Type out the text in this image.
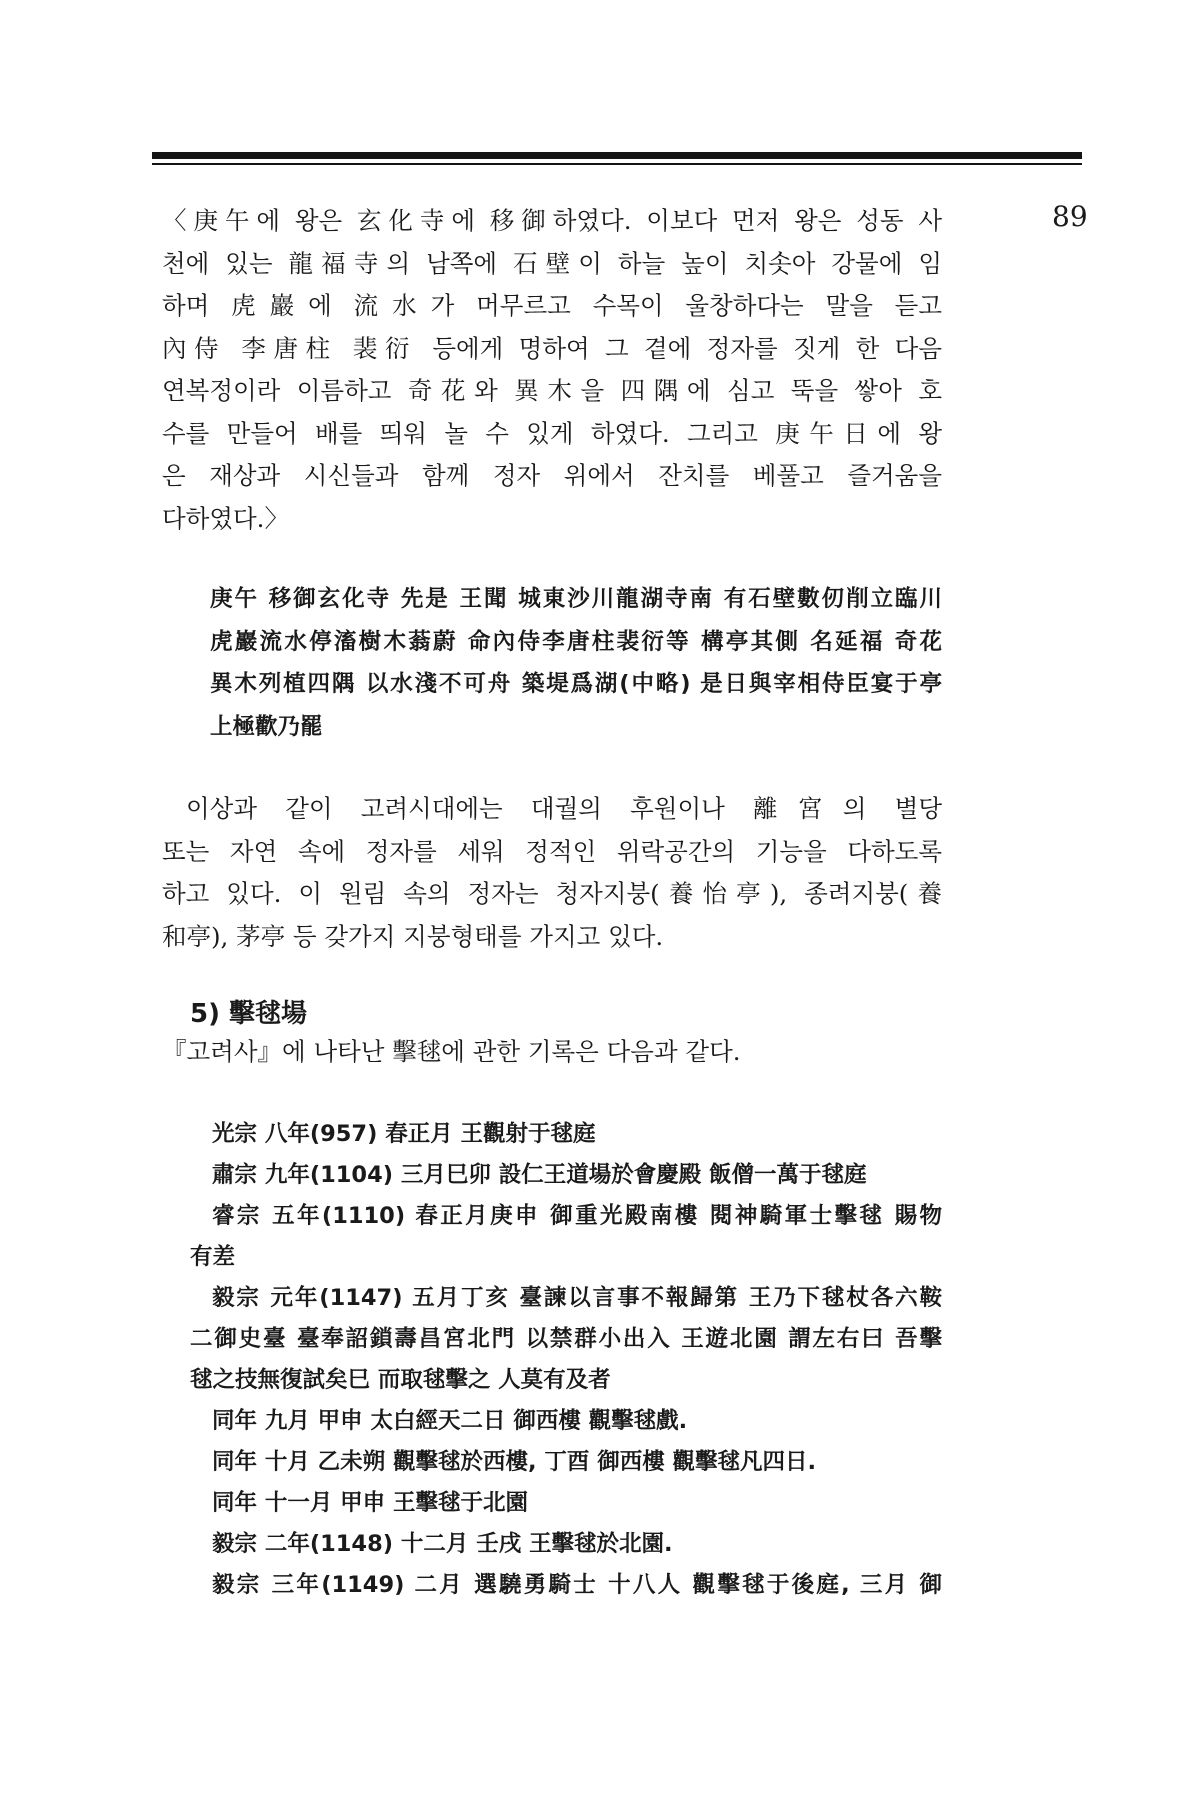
89

〈庚午에 왕은 玄化寺에 移御하였다. 이보다 먼저 왕은 성동 사
천에 있는 龍福寺의 남쪽에 石壁이 하늘 높이 치솟아 강물에 임
하며 虎巖에 流水가 머무르고 수목이 울창하다는 말을 듣고
內侍 李唐柱 裴衍 등에게 명하여 그 곁에 정자를 짓게 한 다음
연복정이라 이름하고 奇花와 異木을 四隅에 심고 뚝을 쌓아 호
수를 만들어 배를 띄워 놀 수 있게 하였다. 그리고 庚午日에 왕
은 재상과 시신들과 함께 정자 위에서 잔치를 베풀고 즐거움을
다하였다.〉

庚午 移御玄化寺 先是 王聞 城東沙川龍湖寺南 有石壁數仞削立臨川
虎巖流水停滀樹木蓊蔚 命內侍李唐柱裴衍等 構亭其側 名延福 奇花
異木列植四隅 以水淺不可舟 築堤爲湖(中略) 是日與宰相侍臣宴于亭
上極歡乃罷

이상과 같이 고려시대에는 대궐의 후원이나 離宮의 별당
또는 자연 속에 정자를 세워 정적인 위락공간의 기능을 다하도록
하고 있다. 이 원림 속의 정자는 청자지붕(養怡亭), 종려지붕(養
和亭), 茅亭 등 갖가지 지붕형태를 가지고 있다.

5) 擊毬場

『고려사』에 나타난 擊毬에 관한 기록은 다음과 같다.

光宗 八年(957) 春正月 王觀射于毬庭
肅宗 九年(1104) 三月巳卯 設仁王道場於會慶殿 飯僧一萬于毬庭
睿宗 五年(1110) 春正月庚申 御重光殿南樓 閱神騎軍士擊毬 賜物
有差
毅宗 元年(1147) 五月丁亥 臺諫以言事不報歸第 王乃下毬杖各六鞍
二御史臺 臺奉詔鎖壽昌宮北門 以禁群小出入 王遊北園 謂左右曰 吾擊
毬之技無復試矣巳 而取毬擊之 人莫有及者
同年 九月 甲申 太白經天二日 御西樓 觀擊毬戲.
同年 十月 乙未朔 觀擊毬於西樓, 丁酉 御西樓 觀擊毬凡四日.
同年 十一月 甲申 王擊毬于北園
毅宗 二年(1148) 十二月 壬戌 王擊毬於北園.
毅宗 三年(1149) 二月 選驍勇騎士 十八人 觀擊毬于後庭, 三月 御
